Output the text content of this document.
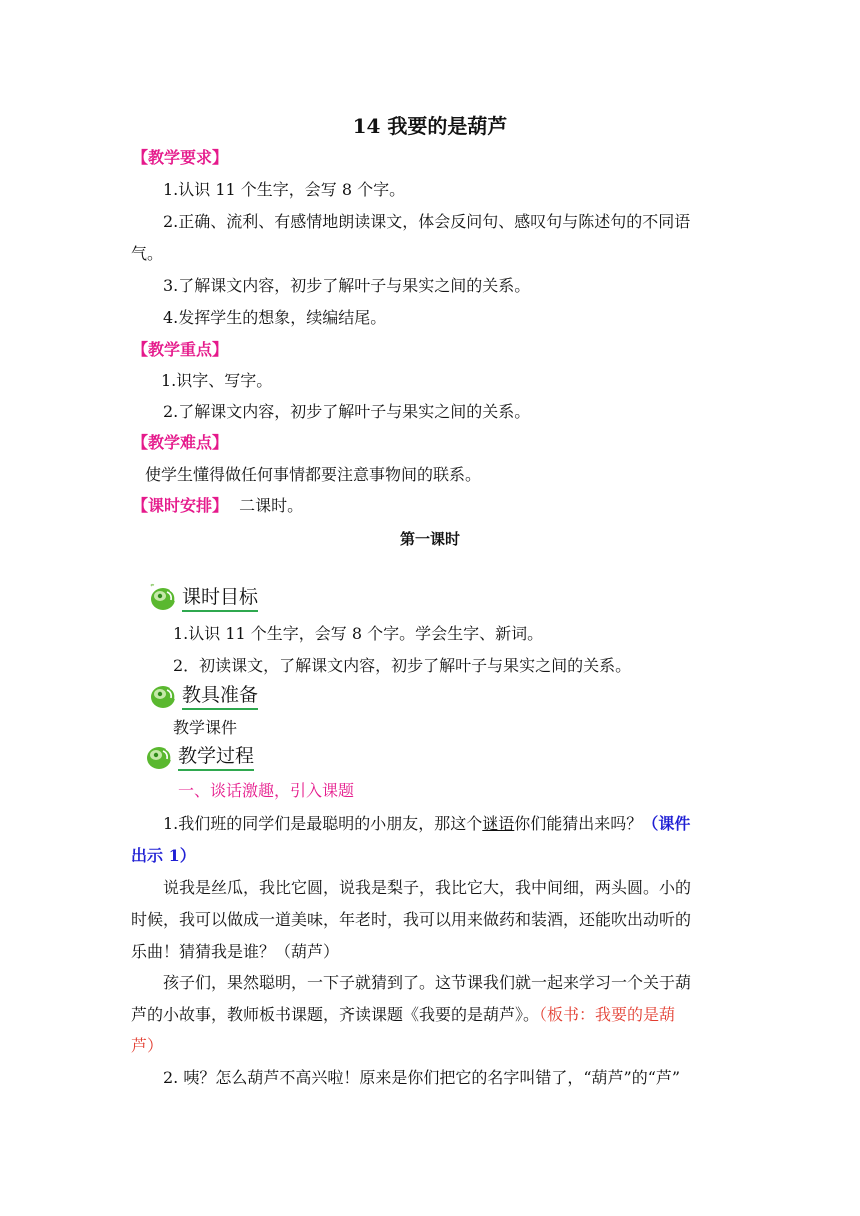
14 我要的是葫芦
【教学要求】
1.认识 11 个生字，会写 8 个字。
2.正确、流利、有感情地朗读课文，体会反问句、感叹句与陈述句的不同语
气。
3.了解课文内容，初步了解叶子与果实之间的关系。
4.发挥学生的想象，续编结尾。
【教学重点】
1.识字、写字。
2.了解课文内容，初步了解叶子与果实之间的关系。
【教学难点】
使学生懂得做任何事情都要注意事物间的联系。
【课时安排】 二课时。
第一课时
课时目标
1.认识 11 个生字，会写 8 个字。学会生字、新词。
2．初读课文，了解课文内容，初步了解叶子与果实之间的关系。
教具准备
教学课件
教学过程
一、谈话激趣，引入课题
1.我们班的同学们是最聪明的小朋友，那这个谜语你们能猜出来吗？（课件
出示 1）
说我是丝瓜，我比它圆，说我是梨子，我比它大，我中间细，两头圆。小的
时候，我可以做成一道美味，年老时，我可以用来做药和装酒，还能吹出动听的
乐曲！猜猜我是谁？（葫芦）
孩子们，果然聪明，一下子就猜到了。这节课我们就一起来学习一个关于葫
芦的小故事，教师板书课题，齐读课题《我要的是葫芦》。（板书：我要的是葫
芦）
2. 咦？怎么葫芦不高兴啦！原来是你们把它的名字叫错了，“葫芦”的“芦”
